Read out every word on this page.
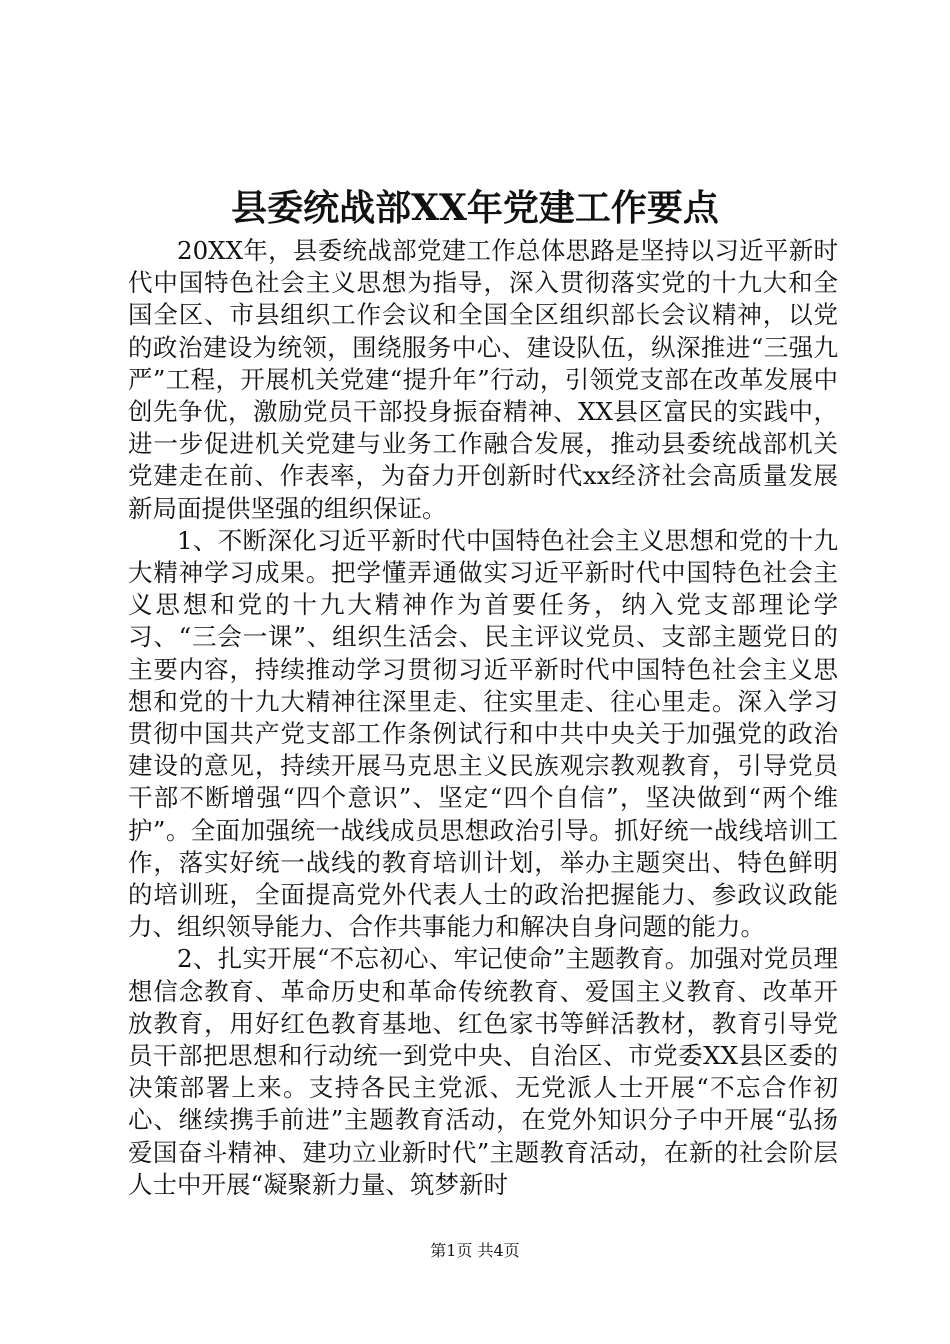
县委统战部XX年党建工作要点

20XX年，县委统战部党建工作总体思路是坚持以习近平新时代中国特色社会主义思想为指导，深入贯彻落实党的十九大和全国全区、市县组织工作会议和全国全区组织部长会议精神，以党的政治建设为统领，围绕服务中心、建设队伍，纵深推进“三强九严”工程，开展机关党建“提升年”行动，引领党支部在改革发展中创先争优，激励党员干部投身振奋精神、XX县区富民的实践中，进一步促进机关党建与业务工作融合发展，推动县委统战部机关党建走在前、作表率，为奋力开创新时代xx经济社会高质量发展新局面提供坚强的组织保证。

1、不断深化习近平新时代中国特色社会主义思想和党的十九大精神学习成果。把学懂弄通做实习近平新时代中国特色社会主义思想和党的十九大精神作为首要任务，纳入党支部理论学习、“三会一课”、组织生活会、民主评议党员、支部主题党日的主要内容，持续推动学习贯彻习近平新时代中国特色社会主义思想和党的十九大精神往深里走、往实里走、往心里走。深入学习贯彻中国共产党支部工作条例试行和中共中央关于加强党的政治建设的意见，持续开展马克思主义民族观宗教观教育，引导党员干部不断增强“四个意识”、坚定“四个自信”，坚决做到“两个维护”。全面加强统一战线成员思想政治引导。抓好统一战线培训工作，落实好统一战线的教育培训计划，举办主题突出、特色鲜明的培训班，全面提高党外代表人士的政治把握能力、参政议政能力、组织领导能力、合作共事能力和解决自身问题的能力。

2、扎实开展“不忘初心、牢记使命”主题教育。加强对党员理想信念教育、革命历史和革命传统教育、爱国主义教育、改革开放教育，用好红色教育基地、红色家书等鲜活教材，教育引导党员干部把思想和行动统一到党中央、自治区、市党委XX县区委的决策部署上来。支持各民主党派、无党派人士开展“不忘合作初心、继续携手前进”主题教育活动，在党外知识分子中开展“弘扬爱国奋斗精神、建功立业新时代”主题教育活动，在新的社会阶层人士中开展“凝聚新力量、筑梦新时

第1页 共4页
